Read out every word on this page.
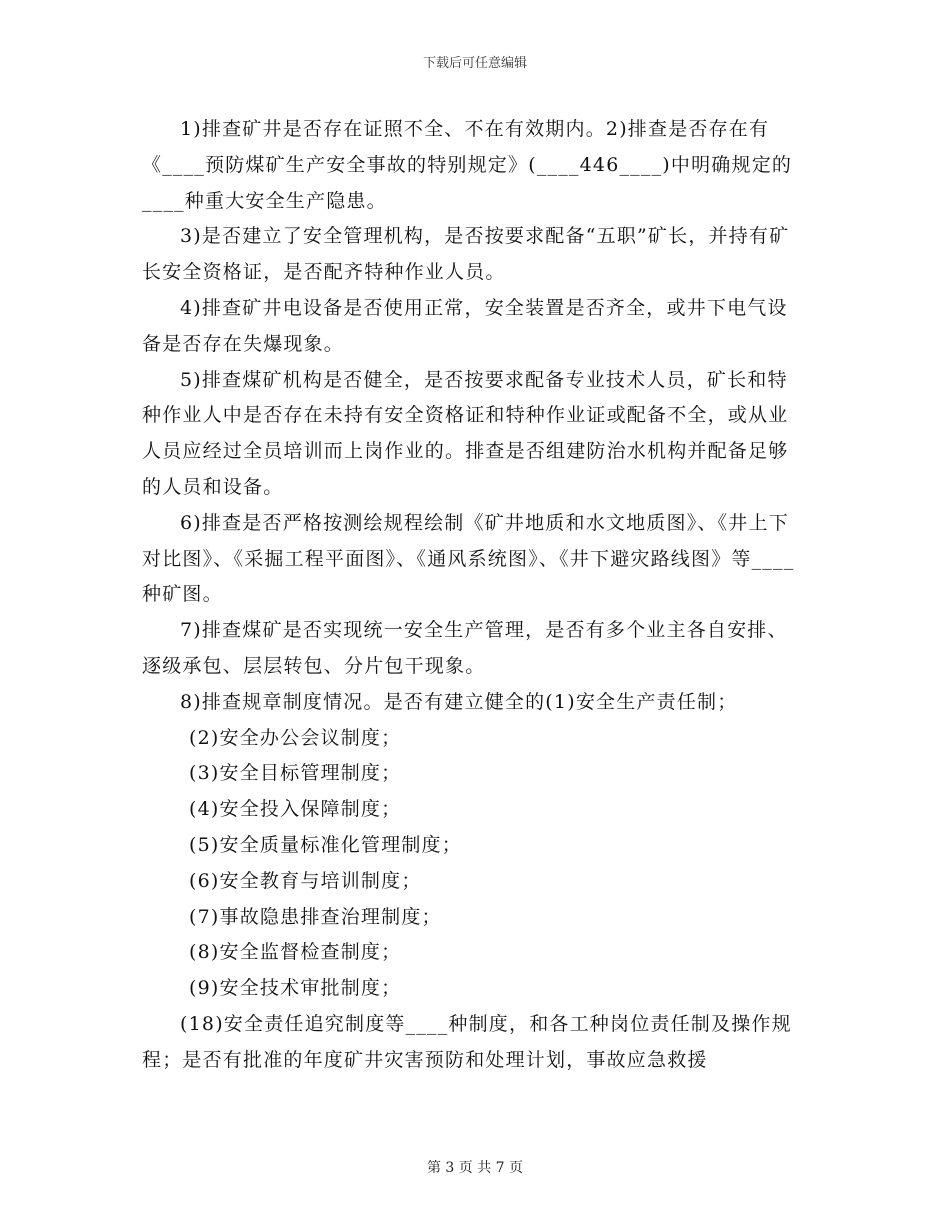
下载后可任意编辑

1)排查矿井是否存在证照不全、不在有效期内。2)排查是否存在有《____预防煤矿生产安全事故的特别规定》(____446____)中明确规定的____种重大安全生产隐患。

3)是否建立了安全管理机构，是否按要求配备“五职”矿长，并持有矿长安全资格证，是否配齐特种作业人员。

4)排查矿井电设备是否使用正常，安全装置是否齐全，或井下电气设备是否存在失爆现象。

5)排查煤矿机构是否健全，是否按要求配备专业技术人员，矿长和特种作业人中是否存在未持有安全资格证和特种作业证或配备不全，或从业人员应经过全员培训而上岗作业的。排查是否组建防治水机构并配备足够的人员和设备。

6)排查是否严格按测绘规程绘制《矿井地质和水文地质图》、《井上下对比图》、《采掘工程平面图》、《通风系统图》、《井下避灾路线图》等____种矿图。

7)排查煤矿是否实现统一安全生产管理，是否有多个业主各自安排、逐级承包、层层转包、分片包干现象。

8)排查规章制度情况。是否有建立健全的(1)安全生产责任制；

(2)安全办公会议制度；

(3)安全目标管理制度；

(4)安全投入保障制度；

(5)安全质量标准化管理制度；

(6)安全教育与培训制度；

(7)事故隐患排查治理制度；

(8)安全监督检查制度；

(9)安全技术审批制度；

(18)安全责任追究制度等____种制度，和各工种岗位责任制及操作规程；是否有批准的年度矿井灾害预防和处理计划，事故应急救援

第 3 页 共 7 页
